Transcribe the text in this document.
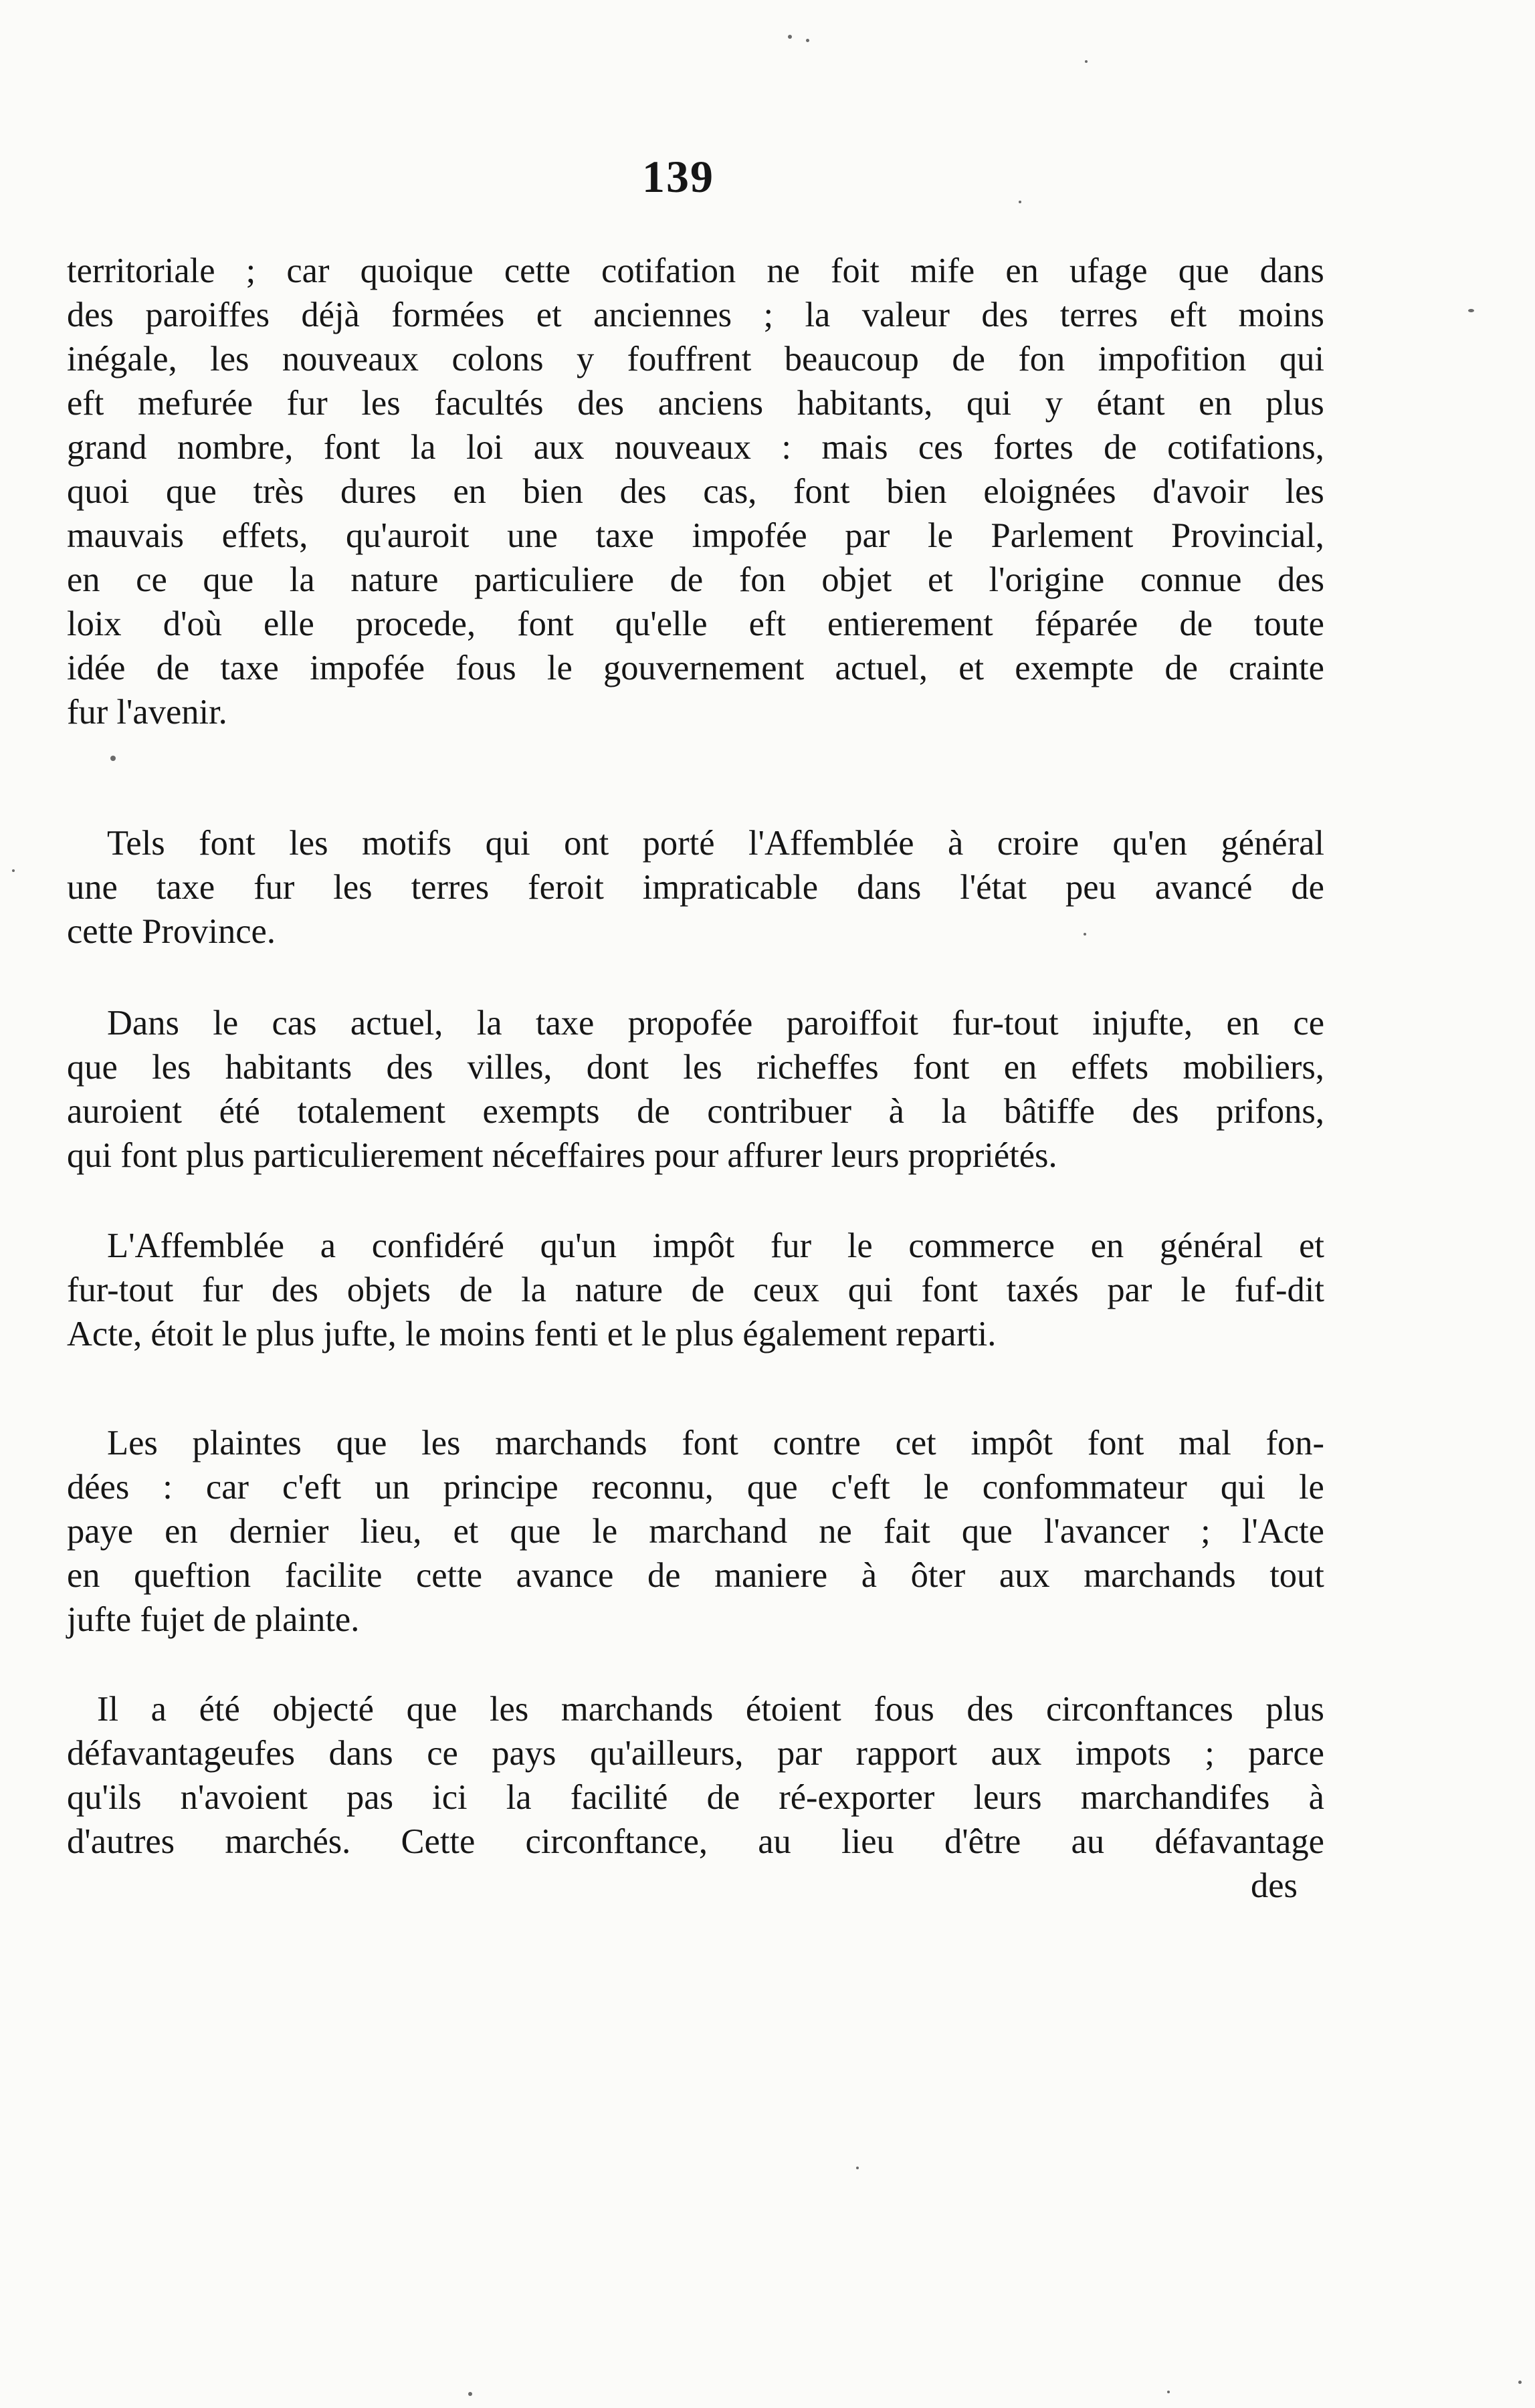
139
territoriale ; car quoique cette cotifation ne foit mife en ufage que dans
des paroiffes déjà formées et anciennes ; la valeur des terres eft moins
inégale, les nouveaux colons y fouffrent beaucoup de fon impofition qui
eft mefurée fur les facultés des anciens habitants, qui y étant en plus
grand nombre, font la loi aux nouveaux : mais ces fortes de cotifations,
quoi que très dures en bien des cas, font bien eloignées d'avoir les
mauvais effets, qu'auroit une taxe impofée par le Parlement Provincial,
en ce que la nature particuliere de fon objet et l'origine connue des
loix d'où elle procede, font qu'elle eft entierement féparée de toute
idée de taxe impofée fous le gouvernement actuel, et exempte de crainte
fur l'avenir.
Tels font les motifs qui ont porté l'Affemblée à croire qu'en général
une taxe fur les terres feroit impraticable dans l'état peu avancé de
cette Province.
Dans le cas actuel, la taxe propofée paroiffoit fur-tout injufte, en ce
que les habitants des villes, dont les richeffes font en effets mobiliers,
auroient été totalement exempts de contribuer à la bâtiffe des prifons,
qui font plus particulierement néceffaires pour affurer leurs propriétés.
L'Affemblée a confidéré qu'un impôt fur le commerce en général et
fur-tout fur des objets de la nature de ceux qui font taxés par le fuf-dit
Acte, étoit le plus jufte, le moins fenti et le plus également reparti.
Les plaintes que les marchands font contre cet impôt font mal fon-
dées : car c'eft un principe reconnu, que c'eft le confommateur qui le
paye en dernier lieu, et que le marchand ne fait que l'avancer ; l'Acte
en queftion facilite cette avance de maniere à ôter aux marchands tout
jufte fujet de plainte.
Il a été objecté que les marchands étoient fous des circonftances plus
défavantageufes dans ce pays qu'ailleurs, par rapport aux impots ; parce
qu'ils n'avoient pas ici la facilité de ré-exporter leurs marchandifes à
d'autres marchés. Cette circonftance, au lieu d'être au défavantage
des
